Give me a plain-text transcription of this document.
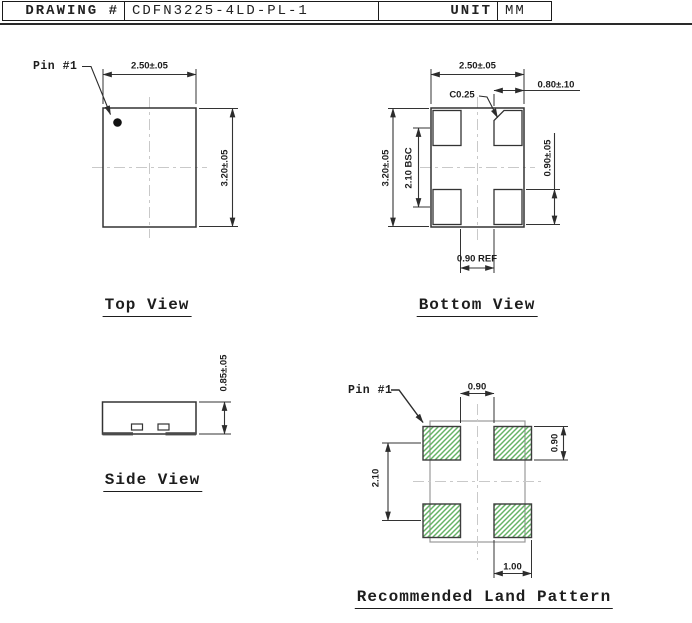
DRAWING # CDFN3225-4LD-PL-1	UNIT MM
Pin #1	2.50±.05
3.20±.05
Top View
2.50±.05
0.80±.10
C0.25
3.20±.05 2.10 BSC	0.90±.05
0.90 REF
Bottom View
0.85±.05
Side View
Pin #1	0.90
0.90
2.10
1.00
Recommended Land Pattern
